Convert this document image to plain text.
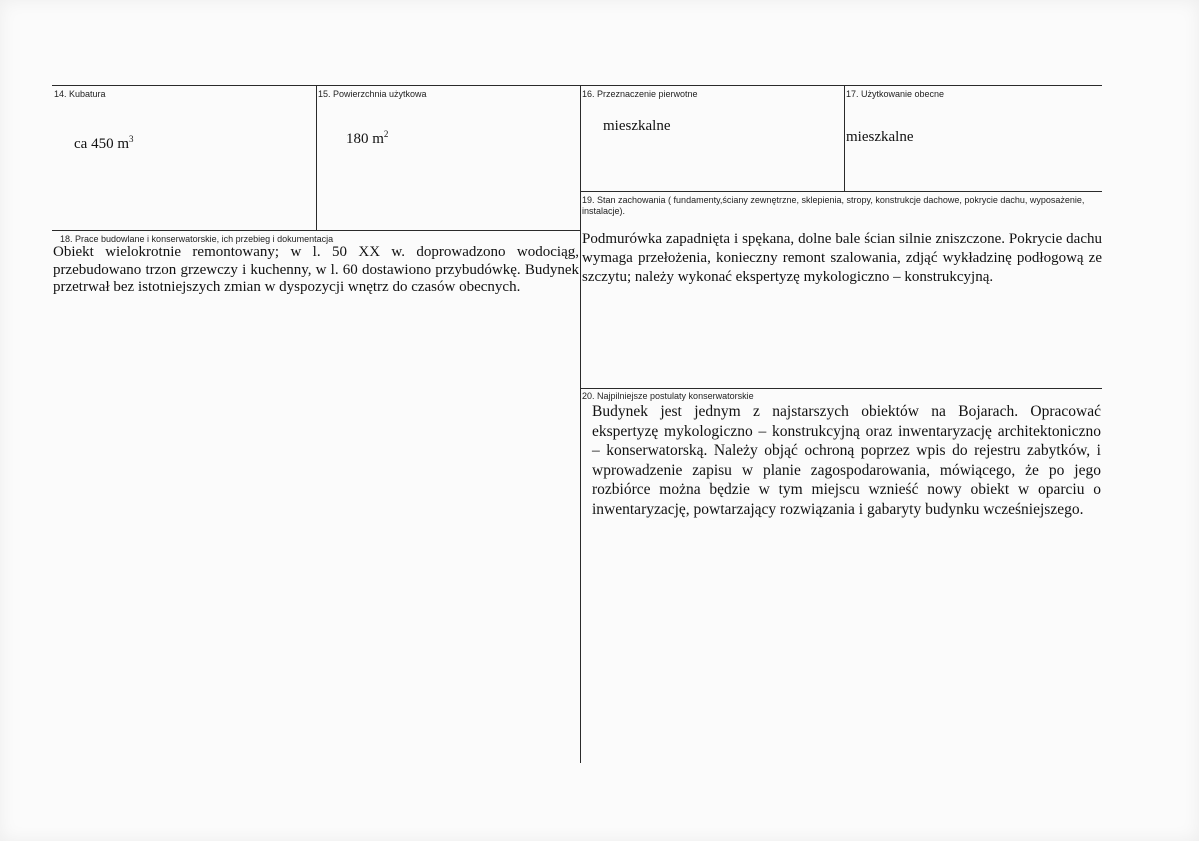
14. Kubatura
ca 450 $m^3$
15. Powierzchnia użytkowa
180 $m^2$
16. Przeznaczenie pierwotne
mieszkalne
17. Użytkowanie obecne
mieszkalne
19. Stan zachowania ( fundamenty,ściany zewnętrzne, sklepienia, stropy, konstrukcje dachowe, pokrycie dachu, wyposażenie, instalacje).
Podmurówka zapadnięta i spękana, dolne bale ścian silnie zniszczone. Pokrycie dachu wymaga przełożenia, konieczny remont szalowania, zdjąć wykładzinę podłogową ze szczytu; należy wykonać ekspertyzę mykologiczno – konstrukcyjną.
18. Prace budowlane i konserwatorskie, ich przebieg i dokumentacja
Obiekt wielokrotnie remontowany; w l. 50 XX w. doprowadzono wodociąg, przebudowano trzon grzewczy i kuchenny, w l. 60 dostawiono przybudówkę. Budynek przetrwał bez istotniejszych zmian w dyspozycji wnętrz do czasów obecnych.
20. Najpilniejsze postulaty konserwatorskie
Budynek jest jednym z najstarszych obiektów na Bojarach. Opracować ekspertyzę mykologiczno – konstrukcyjną oraz inwentaryzację architektoniczno – konserwatorską. Należy objąć ochroną poprzez wpis do rejestru zabytków, i wprowadzenie zapisu w planie zagospodarowania, mówiącego, że po jego rozbiórce można będzie w tym miejscu wznieść nowy obiekt w oparciu o inwentaryzację, powtarzający rozwiązania i gabaryty budynku wcześniejszego.
